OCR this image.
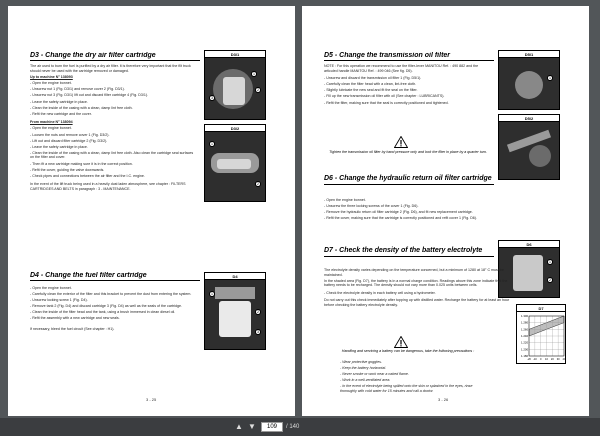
D3 - Change the dry air filter cartridge

The air used to burn the fuel is purified by a dry air filter. It is therefore very important that the filt truck should never be used with the cartridge removed or damaged.

Up to machine N° 138093

- Open the engine bonnet.

- Unscrew nut 1 (Fig. D3/1) and remove cover 2 (Fig. D3/1).

- Unscrew nut 3 (Fig. D3/1) lift out and discard filter cartridge 4 (Fig. D3/1).

- Leave the safety cartridge in place.

- Clean the inside of the casing with a clean, damp lint free cloth.

- Refit the new cartridge and the cover.

From machine N° 138094

- Open the engine bonnet.

- Loosen the nuts and remove cover 1 (Fig. D3/2).

- Lift out and discard filter cartridge 2 (Fig. D3/2).

- Leave the safety cartridge in place.

- Clean the inside of the casing with a clean, damp lint free cloth. Also clean the cartridge seal surfaces on the filter and cover.

- Then fit a new cartridge making sure it is in the correct position.

- Refit the cover, guiding the valve downwards.

- Check pipes and connections between the air filter and the I.C. engine.

In the event of the lift truck being used in a heavily dust laden atmosphere, see chapter : FILTERS CARTRIDGES AND BELTS in paragraph : 3 - MAINTENANCE.

D3/1
1
2
3
D3/2
1
2
D4 - Change the fuel filter cartridge

- Open the engine bonnet.

- Carefully clean the exterior of the filter and this bracket to prevent the dust from entering the system.

- Unscrew locking screw 1 (Fig. D4).

- Remove tank 2 (Fig. D4) and discard cartridge 3 (Fig. D4) as well as the seals of the cartridge.

- Clean the inside of the filter head and the tank, using a brush immersed in clean diesel oil.

- Refit the assembly with a new cartridge and new seals.

If necessary, bleed the fuel circuit (See chapter : H1).

D4
1
2
3
3 - 25
D5 - Change the transmission oil filter

NOTE : For this operation we recommend to use the filter-lever MANITOU Ref. : 490 882 and the articuled handle MANITOU Ref. : 499 046 (See fig. D5).

- Unscrew and discard the transmission oil filter 1 (Fig. D5/1).

- Carefully clean the filter head with a clean, lint-free cloth.

- Slightly lubricate the new seal and fit the seal on the filter.

- Fill up the new transmission oil filter with oil (See chapter : LUBRICANTS).

- Refit the filter, making sure that the seal is correctly positioned and tightened.

Tighten the transmission oil filter by hand pressure only and lock the filter in place by a quarter turn.
D5/1
1
D5/2
D6 - Change the hydraulic return oil filter cartridge

- Open the engine bonnet.

- Unscrew the three locking screws of the cover 1 (Fig. D6).

- Remove the hydraulic return oil filter cartridge 2 (Fig. D6), and fit new replacement cartridge.

- Refit the cover, making sure that the cartridge is correctly positioned and refit cover 1 (Fig. D6).

D6
1
2
D7 - Check the density of the battery electrolyte

The electrolyte density varies depending on the temperature concerned, but a minimum of 1280 at 18° C must be maintained.

In the shaded area (Fig. D7), the battery is in a normal charge condition. Readings above this zone indicate that the battery needs to be recharged. The density should not vary more than 0.025 units between cells.

- Check the electrolyte density in each battery cell using a hydrometer.

Do not carry out this check immediately after topping up with distilled water. Recharge the battery for at least an hour before checking the battery electrolyte density.

Handling and servicing a battery can be dangerous, take the following precautions :

- Wear protective goggles.

- Keep the battery horizontal.

- Never smoke or work near a naked flame.

- Work in a well-ventilated area.

- In the event of electrolyte being spilled onto the skin or splashed in the eyes, rinse thoroughly with cold water for 15 minutes and call a doctor.

D7
1.300
1.280
1.260
1.240
1.220
1.200
1.180
-20 -10 0 10 20 30 40
3 - 26
▲ ▼	109	/ 140
